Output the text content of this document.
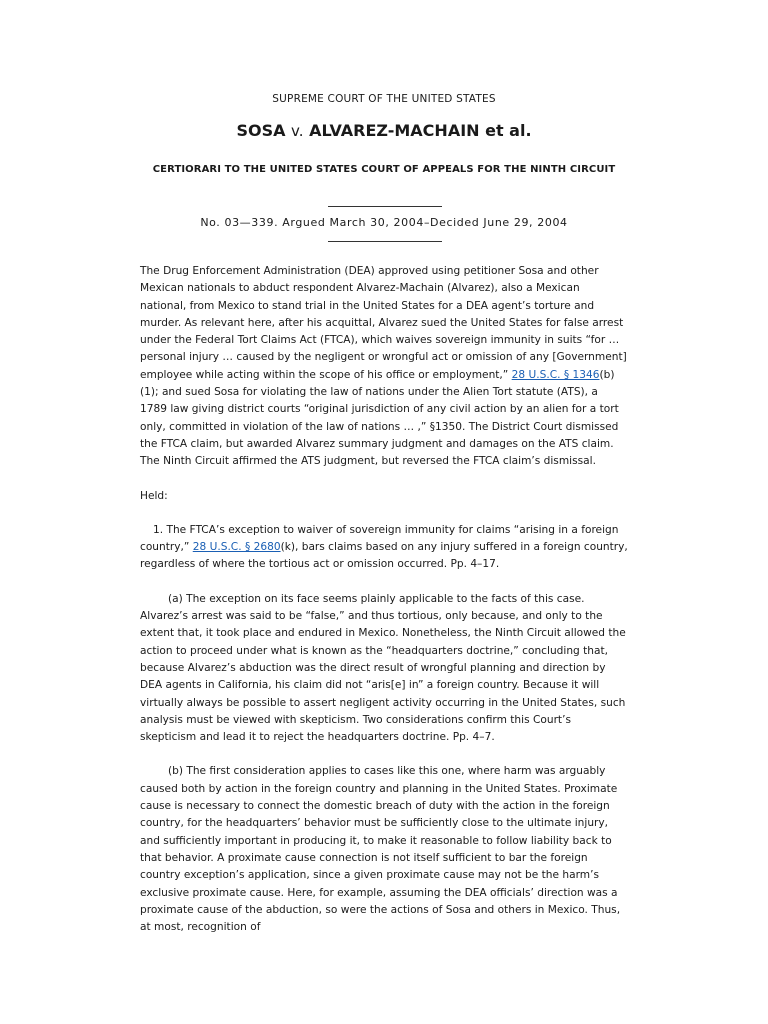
SUPREME COURT OF THE UNITED STATES
SOSA v. ALVAREZ-MACHAIN et al.
CERTIORARI TO THE UNITED STATES COURT OF APPEALS FOR THE NINTH CIRCUIT
No. 03—339. Argued March 30, 2004–Decided June 29, 2004

The Drug Enforcement Administration (DEA) approved using petitioner Sosa and other Mexican nationals to abduct respondent Alvarez-Machain (Alvarez), also a Mexican national, from Mexico to stand trial in the United States for a DEA agent’s torture and murder. As relevant here, after his acquittal, Alvarez sued the United States for false arrest under the Federal Tort Claims Act (FTCA), which waives sovereign immunity in suits “for … personal injury … caused by the negligent or wrongful act or omission of any [Government] employee while acting within the scope of his office or employment,” 28 U.S.C. § 1346(b)(1); and sued Sosa for violating the law of nations under the Alien Tort statute (ATS), a 1789 law giving district courts “original jurisdiction of any civil action by an alien for a tort only, committed in violation of the law of nations … ,” §1350. The District Court dismissed the FTCA claim, but awarded Alvarez summary judgment and damages on the ATS claim. The Ninth Circuit affirmed the ATS judgment, but reversed the FTCA claim’s dismissal.

Held:

1. The FTCA’s exception to waiver of sovereign immunity for claims “arising in a foreign country,” 28 U.S.C. § 2680(k), bars claims based on any injury suffered in a foreign country, regardless of where the tortious act or omission occurred. Pp. 4–17.

(a) The exception on its face seems plainly applicable to the facts of this case. Alvarez’s arrest was said to be “false,” and thus tortious, only because, and only to the extent that, it took place and endured in Mexico. Nonetheless, the Ninth Circuit allowed the action to proceed under what is known as the “headquarters doctrine,” concluding that, because Alvarez’s abduction was the direct result of wrongful planning and direction by DEA agents in California, his claim did not “aris[e] in” a foreign country. Because it will virtually always be possible to assert negligent activity occurring in the United States, such analysis must be viewed with skepticism. Two considerations confirm this Court’s skepticism and lead it to reject the headquarters doctrine. Pp. 4–7.

(b) The first consideration applies to cases like this one, where harm was arguably caused both by action in the foreign country and planning in the United States. Proximate cause is necessary to connect the domestic breach of duty with the action in the foreign country, for the headquarters’ behavior must be sufficiently close to the ultimate injury, and sufficiently important in producing it, to make it reasonable to follow liability back to that behavior. A proximate cause connection is not itself sufficient to bar the foreign country exception’s application, since a given proximate cause may not be the harm’s exclusive proximate cause. Here, for example, assuming the DEA officials’ direction was a proximate cause of the abduction, so were the actions of Sosa and others in Mexico. Thus, at most, recognition of
